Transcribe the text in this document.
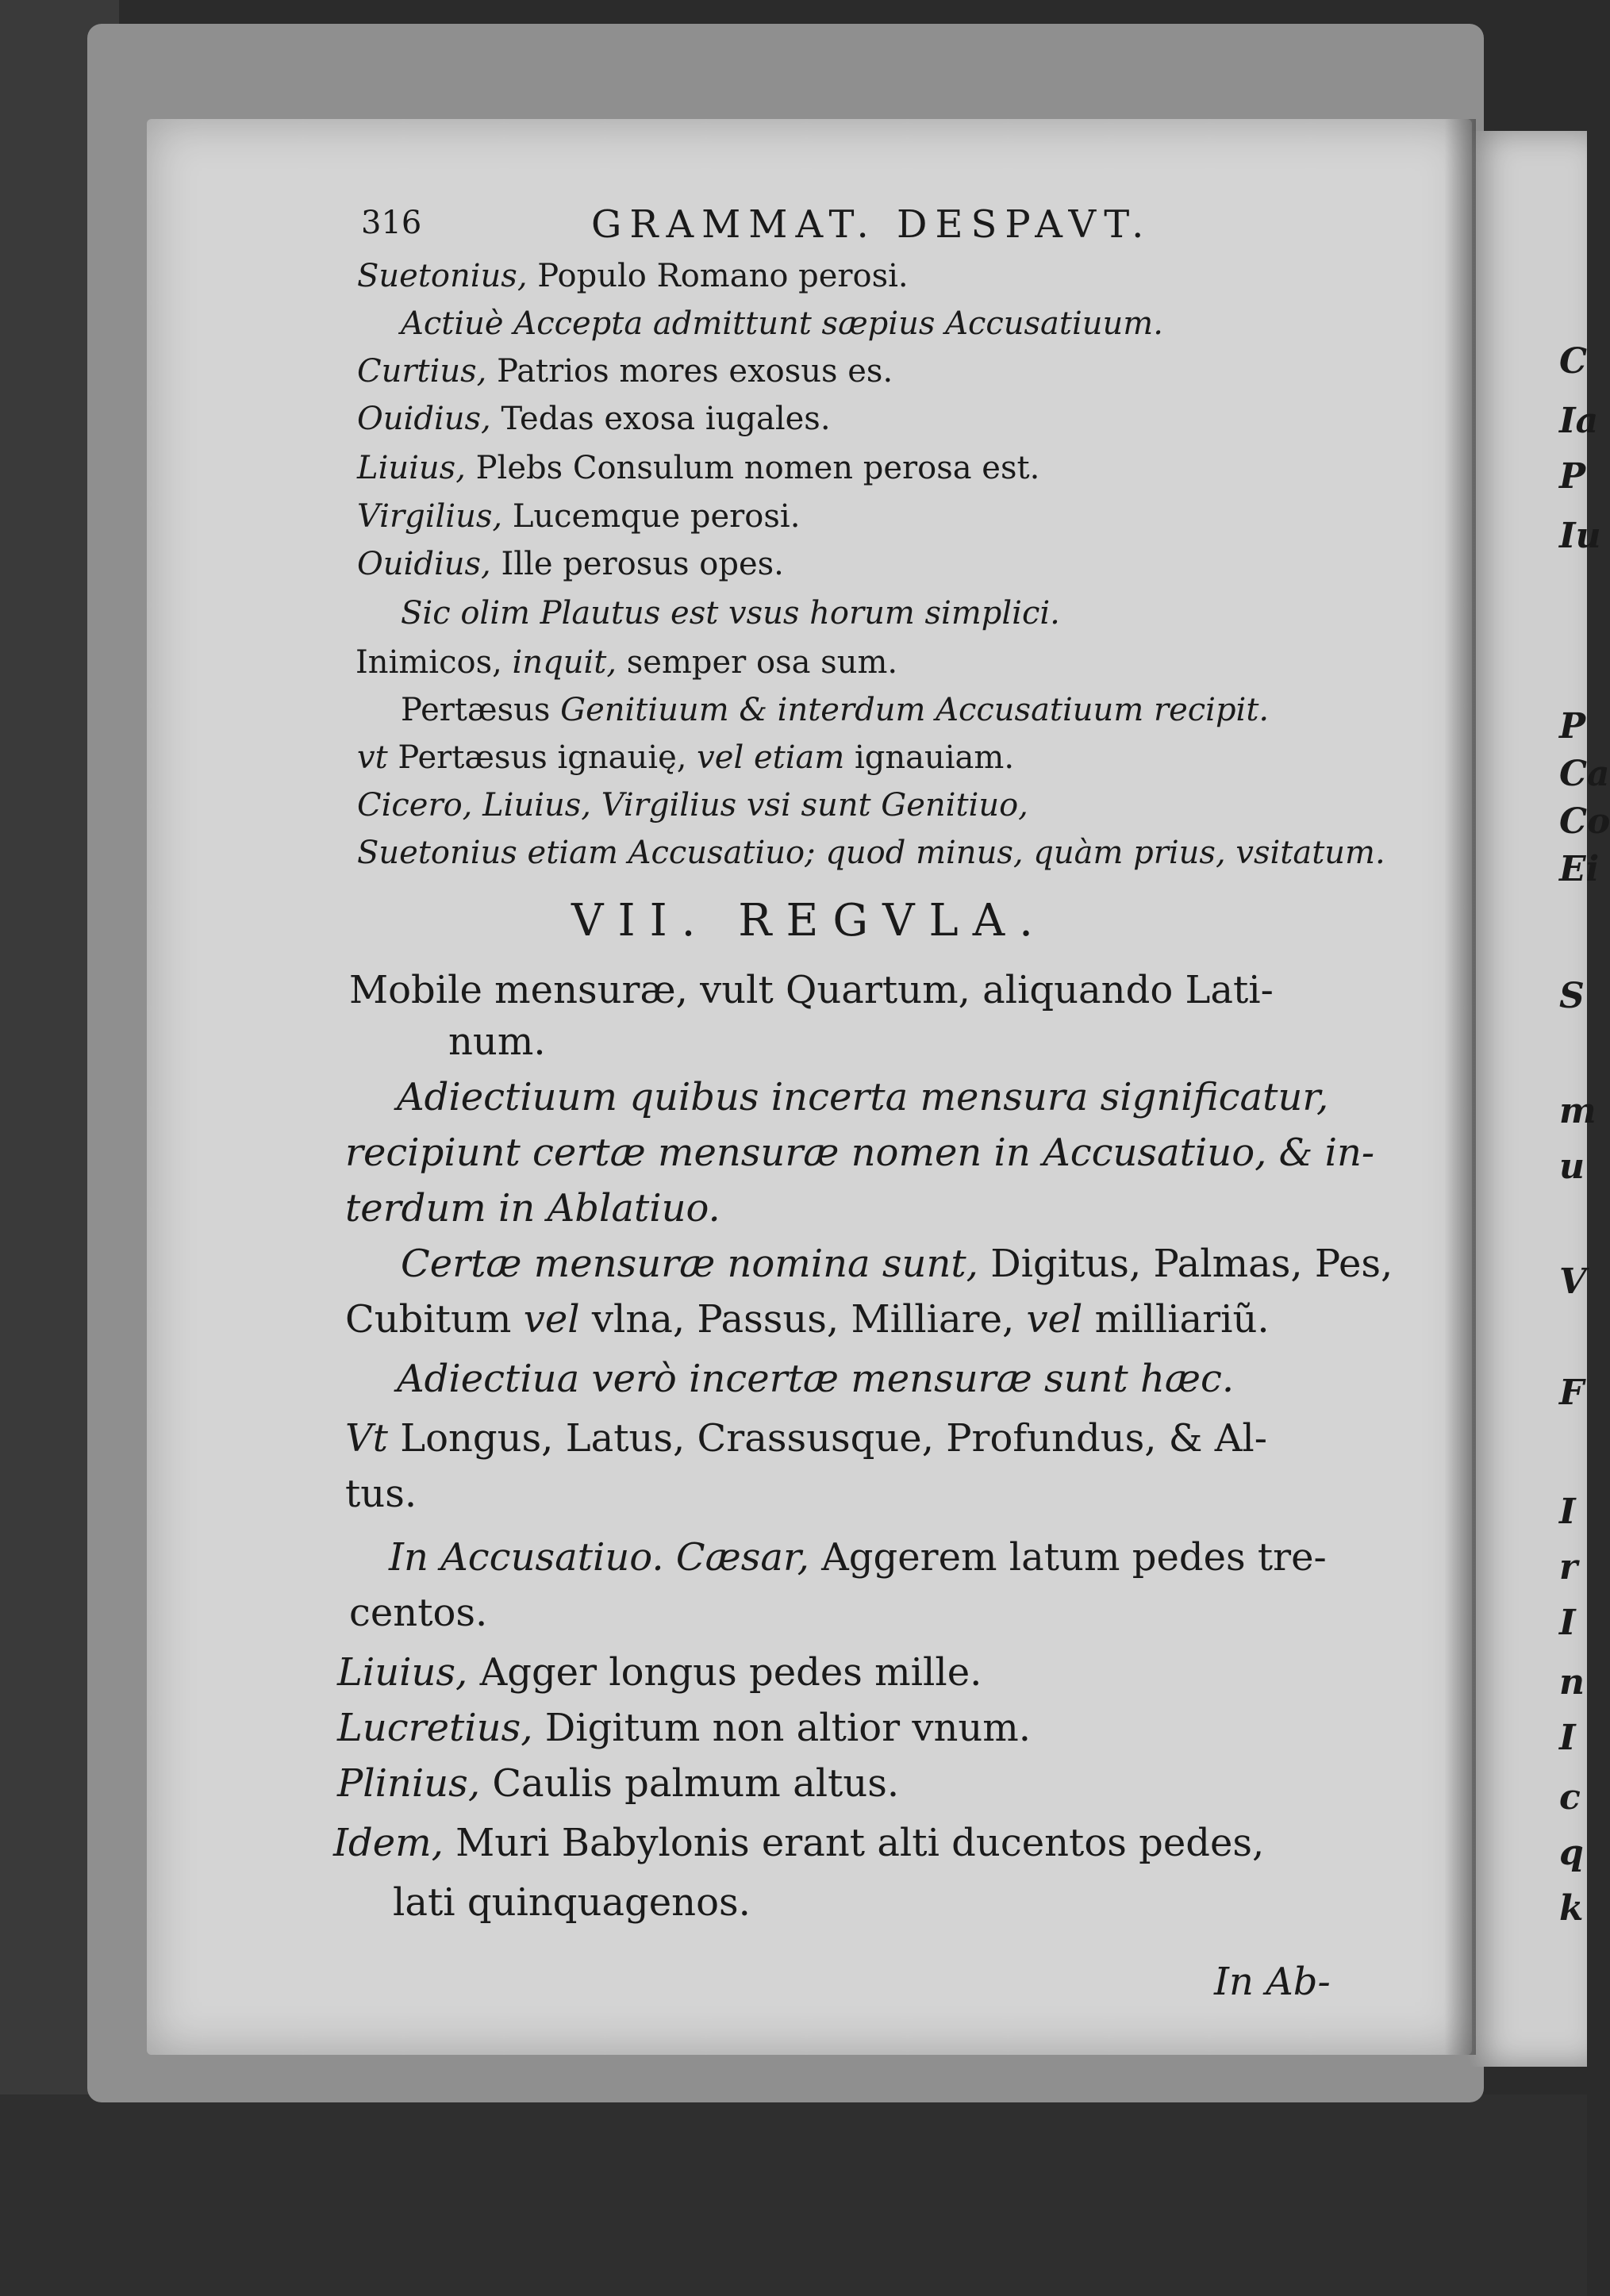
316	GRAMMAT. DESPAVT.
Suetonius, Populo Romano perosi.
Actiuè Accepta admittunt sæpius Accusatiuum.
Curtius, Patrios mores exosus es.
Ouidius, Tedas exosa iugales.
Liuius, Plebs Consulum nomen perosa est.
Virgilius, Lucemque perosi.
Ouidius, Ille perosus opes.
Sic olim Plautus est vsus horum simplici.
Inimicos, inquit, semper osa sum.
Pertæsus Genitiuum & interdum Accusatiuum recipit.
vt Pertæsus ignauię, vel etiam ignauiam.
Cicero, Liuius, Virgilius vsi sunt Genitiuo,
Suetonius etiam Accusatiuo; quod minus, quàm prius, vsitatum.
VII. REGVLA.
Mobile mensuræ, vult Quartum, aliquando Lati-
num.
Adiectiuum quibus incerta mensura significatur,
recipiunt certæ mensuræ nomen in Accusatiuo, & in-
terdum in Ablatiuo.
Certæ mensuræ nomina sunt, Digitus, Palmas, Pes,
Cubitum vel vlna, Passus, Milliare, vel milliariũ.
Adiectiua verò incertæ mensuræ sunt hæc.
Vt Longus, Latus, Crassusque, Profundus, & Al-
tus.
In Accusatiuo. Cæsar, Aggerem latum pedes tre-
centos.
Liuius, Agger longus pedes mille.
Lucretius, Digitum non altior vnum.
Plinius, Caulis palmum altus.
Idem, Muri Babylonis erant alti ducentos pedes,
lati quinquagenos.
In Ab-
C
Ia
P
Iu
P
Ca
Co
Ei
S
m
u
V
F
I
r
I
n
I
c
q
k
